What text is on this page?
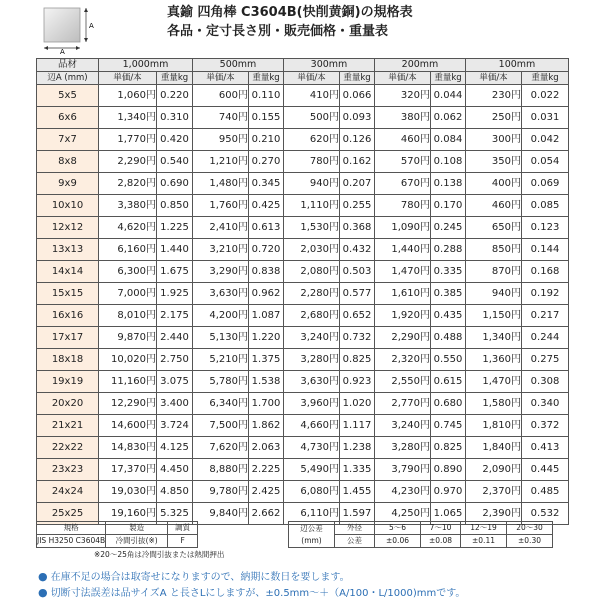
A
A
真鍮 四角棒 C3604B(快削黄銅)の規格表
各品・定寸長さ別・販売価格・重量表
品材	1,000mm		500mm		300mm		200mm		100mm	
辺A (mm)	単価/本	重量kg	単価/本	重量kg	単価/本	重量kg	単価/本	重量kg	単価/本	重量kg
5x5	1,060円	0.220	600円	0.110	410円	0.066	320円	0.044	230円	0.022
6x6	1,340円	0.310	740円	0.155	500円	0.093	380円	0.062	250円	0.031
7x7	1,770円	0.420	950円	0.210	620円	0.126	460円	0.084	300円	0.042
8x8	2,290円	0.540	1,210円	0.270	780円	0.162	570円	0.108	350円	0.054
9x9	2,820円	0.690	1,480円	0.345	940円	0.207	670円	0.138	400円	0.069
10x10	3,380円	0.850	1,760円	0.425	1,110円	0.255	780円	0.170	460円	0.085
12x12	4,620円	1.225	2,410円	0.613	1,530円	0.368	1,090円	0.245	650円	0.123
13x13	6,160円	1.440	3,210円	0.720	2,030円	0.432	1,440円	0.288	850円	0.144
14x14	6,300円	1.675	3,290円	0.838	2,080円	0.503	1,470円	0.335	870円	0.168
15x15	7,000円	1.925	3,630円	0.962	2,280円	0.577	1,610円	0.385	940円	0.192
16x16	8,010円	2.175	4,200円	1.087	2,680円	0.652	1,920円	0.435	1,150円	0.217
17x17	9,870円	2.440	5,130円	1.220	3,240円	0.732	2,290円	0.488	1,340円	0.244
18x18	10,020円	2.750	5,210円	1.375	3,280円	0.825	2,320円	0.550	1,360円	0.275
19x19	11,160円	3.075	5,780円	1.538	3,630円	0.923	2,550円	0.615	1,470円	0.308
20x20	12,290円	3.400	6,340円	1.700	3,960円	1.020	2,770円	0.680	1,580円	0.340
21x21	14,600円	3.724	7,500円	1.862	4,660円	1.117	3,240円	0.745	1,810円	0.372
22x22	14,830円	4.125	7,620円	2.063	4,730円	1.238	3,280円	0.825	1,840円	0.413
23x23	17,370円	4.450	8,880円	2.225	5,490円	1.335	3,790円	0.890	2,090円	0.445
24x24	19,030円	4.850	9,780円	2.425	6,080円	1.455	4,230円	0.970	2,370円	0.485
25x25	19,160円	5.325	9,840円	2.662	6,110円	1.597	4,250円	1.065	2,390円	0.532
規格	製造	調質
JIS H3250 C3604B	冷間引抜(※)	F
※20～25角は冷間引抜または熱間押出
辺公差
(mm)	外径	5～6	7～10	12～19	20～30
	公差	±0.06	±0.08	±0.11	±0.30
● 在庫不足の場合は取寄せになりますので、納期に数日を要します。
● 切断寸法誤差は品サイズA と長さLにしますが、±0.5mm～＋（A/100・L/1000)mmです。
